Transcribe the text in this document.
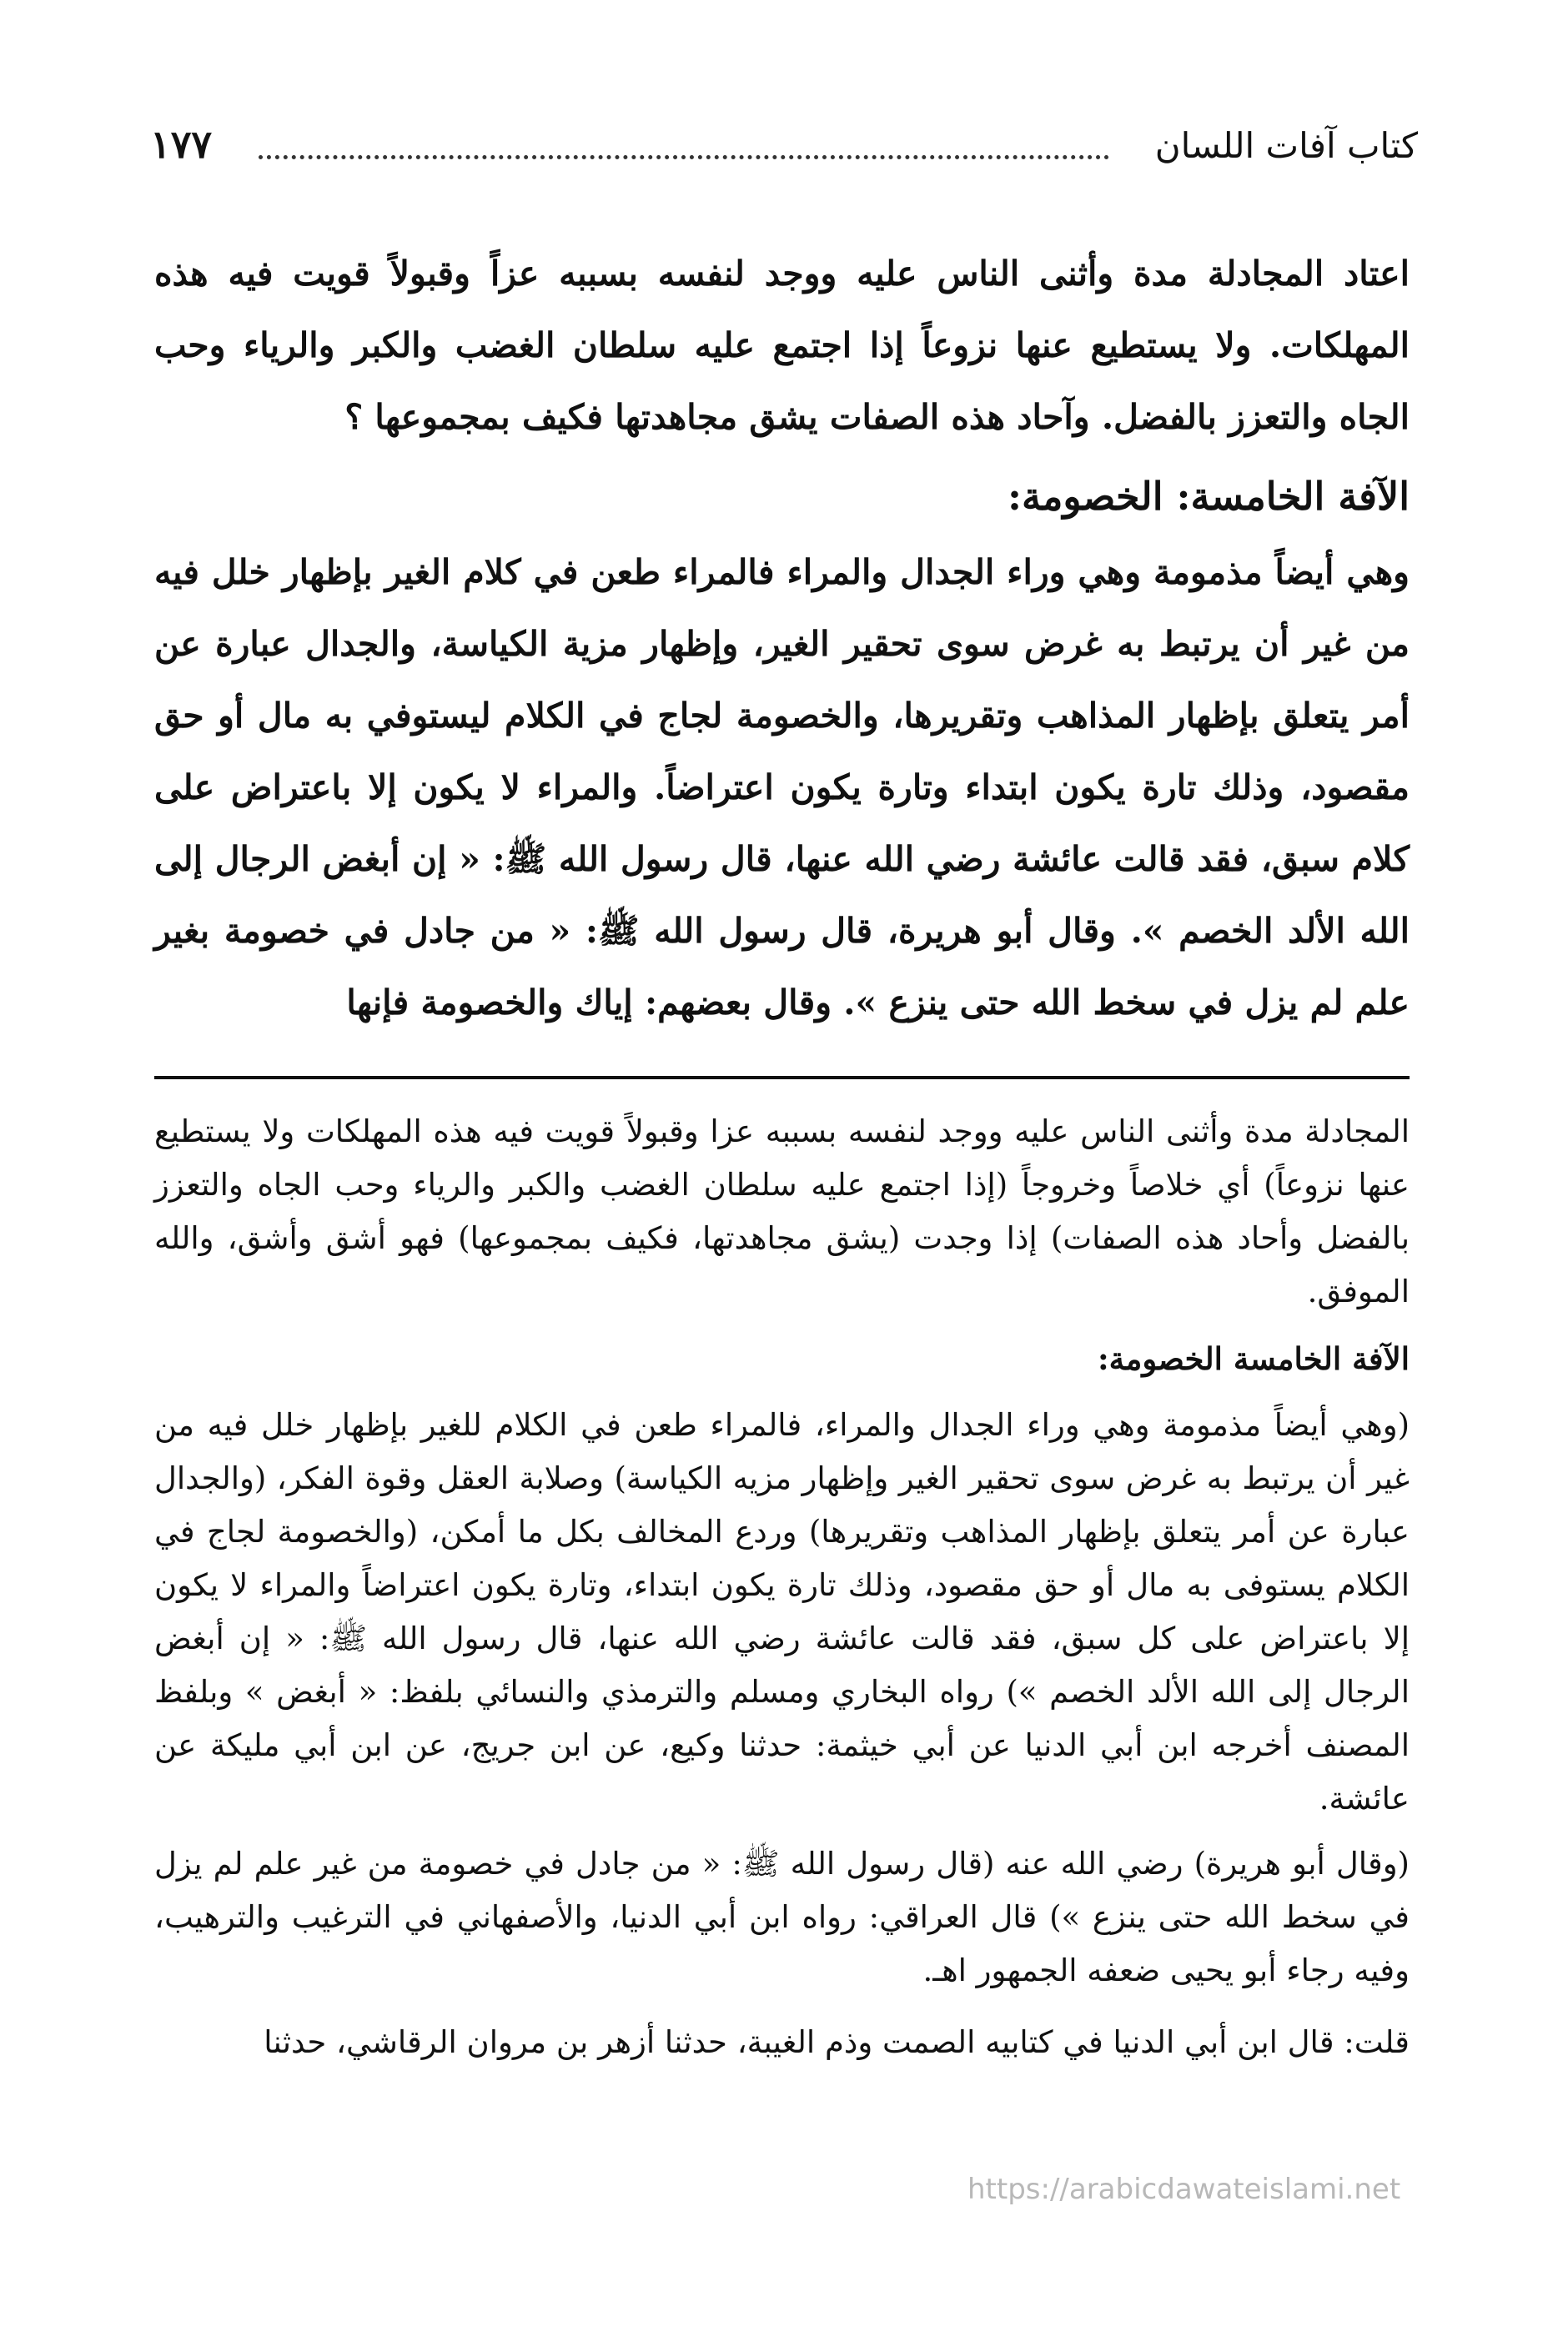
كتاب آفات اللسان
١٧٧

اعتاد المجادلة مدة وأثنى الناس عليه ووجد لنفسه بسببه عزاً وقبولاً قويت فيه هذه المهلكات. ولا يستطيع عنها نزوعاً إذا اجتمع عليه سلطان الغضب والكبر والرياء وحب الجاه والتعزز بالفضل. وآحاد هذه الصفات يشق مجاهدتها فكيف بمجموعها ؟

الآفة الخامسة: الخصومة:

وهي أيضاً مذمومة وهي وراء الجدال والمراء فالمراء طعن في كلام الغير بإظهار خلل فيه من غير أن يرتبط به غرض سوى تحقير الغير، وإظهار مزية الكياسة، والجدال عبارة عن أمر يتعلق بإظهار المذاهب وتقريرها، والخصومة لجاج في الكلام ليستوفي به مال أو حق مقصود، وذلك تارة يكون ابتداء وتارة يكون اعتراضاً. والمراء لا يكون إلا باعتراض على كلام سبق، فقد قالت عائشة رضي الله عنها، قال رسول الله ﷺ: « إن أبغض الرجال إلى الله الألد الخصم ». وقال أبو هريرة، قال رسول الله ﷺ: « من جادل في خصومة بغير علم لم يزل في سخط الله حتى ينزع ». وقال بعضهم: إياك والخصومة فإنها

المجادلة مدة وأثنى الناس عليه ووجد لنفسه بسببه عزا وقبولاً قويت فيه هذه المهلكات ولا يستطيع عنها نزوعاً) أي خلاصاً وخروجاً (إذا اجتمع عليه سلطان الغضب والكبر والرياء وحب الجاه والتعزز بالفضل وأحاد هذه الصفات) إذا وجدت (يشق مجاهدتها، فكيف بمجموعها) فهو أشق وأشق، والله الموفق.

الآفة الخامسة الخصومة:

(وهي أيضاً مذمومة وهي وراء الجدال والمراء، فالمراء طعن في الكلام للغير بإظهار خلل فيه من غير أن يرتبط به غرض سوى تحقير الغير وإظهار مزيه الكياسة) وصلابة العقل وقوة الفكر، (والجدال عبارة عن أمر يتعلق بإظهار المذاهب وتقريرها) وردع المخالف بكل ما أمكن، (والخصومة لجاج في الكلام يستوفى به مال أو حق مقصود، وذلك تارة يكون ابتداء، وتارة يكون اعتراضاً والمراء لا يكون إلا باعتراض على كل سبق، فقد قالت عائشة رضي الله عنها، قال رسول الله ﷺ: « إن أبغض الرجال إلى الله الألد الخصم ») رواه البخاري ومسلم والترمذي والنسائي بلفظ: « أبغض » وبلفظ المصنف أخرجه ابن أبي الدنيا عن أبي خيثمة: حدثنا وكيع، عن ابن جريج، عن ابن أبي مليكة عن عائشة.

(وقال أبو هريرة) رضي الله عنه (قال رسول الله ﷺ: « من جادل في خصومة من غير علم لم يزل في سخط الله حتى ينزع ») قال العراقي: رواه ابن أبي الدنيا، والأصفهاني في الترغيب والترهيب، وفيه رجاء أبو يحيى ضعفه الجمهور اهـ.

قلت: قال ابن أبي الدنيا في كتابيه الصمت وذم الغيبة، حدثنا أزهر بن مروان الرقاشي، حدثنا

https://arabicdawateislami.net
